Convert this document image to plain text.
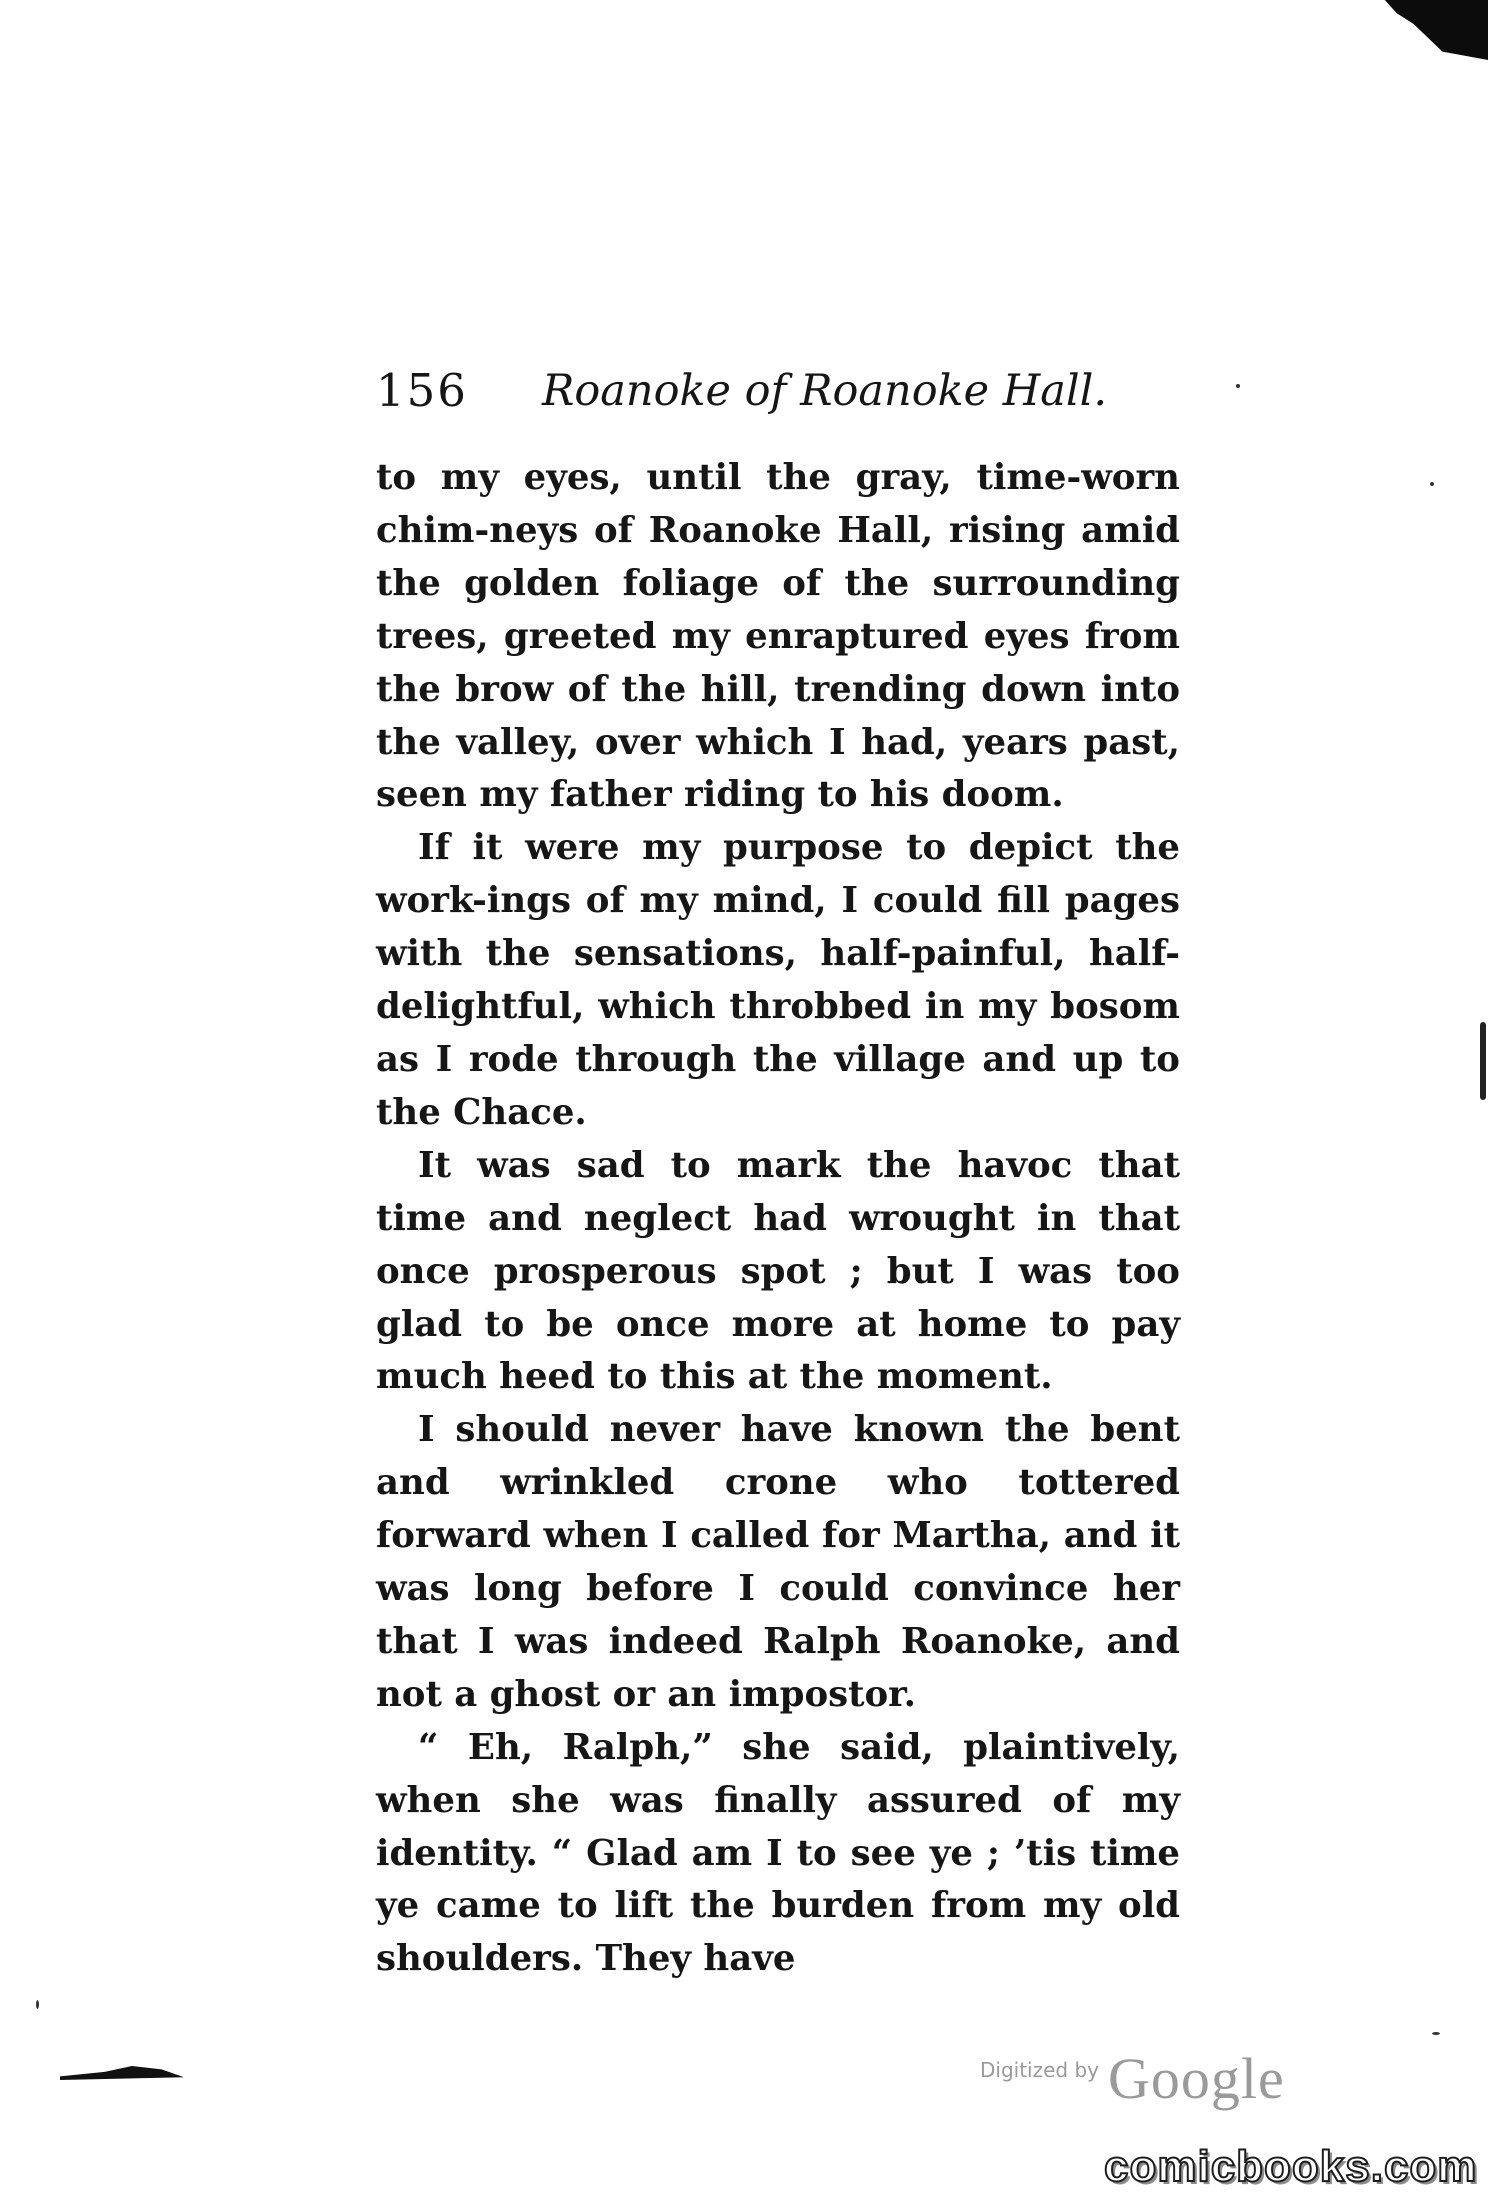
156 Roanoke of Roanoke Hall.

to my eyes, until the gray, time-worn chim-neys of Roanoke Hall, rising amid the golden foliage of the surrounding trees, greeted my enraptured eyes from the brow of the hill, trending down into the valley, over which I had, years past, seen my father riding to his doom.

If it were my purpose to depict the work-ings of my mind, I could fill pages with the sensations, half-painful, half-delightful, which throbbed in my bosom as I rode through the village and up to the Chace.

It was sad to mark the havoc that time and neglect had wrought in that once prosperous spot ; but I was too glad to be once more at home to pay much heed to this at the moment.

I should never have known the bent and wrinkled crone who tottered forward when I called for Martha, and it was long before I could convince her that I was indeed Ralph Roanoke, and not a ghost or an impostor.

“ Eh, Ralph,” she said, plaintively, when she was finally assured of my identity. “ Glad am I to see ye ; ’tis time ye came to lift the burden from my old shoulders. They have

Digitized by Google
comicbooks.com
